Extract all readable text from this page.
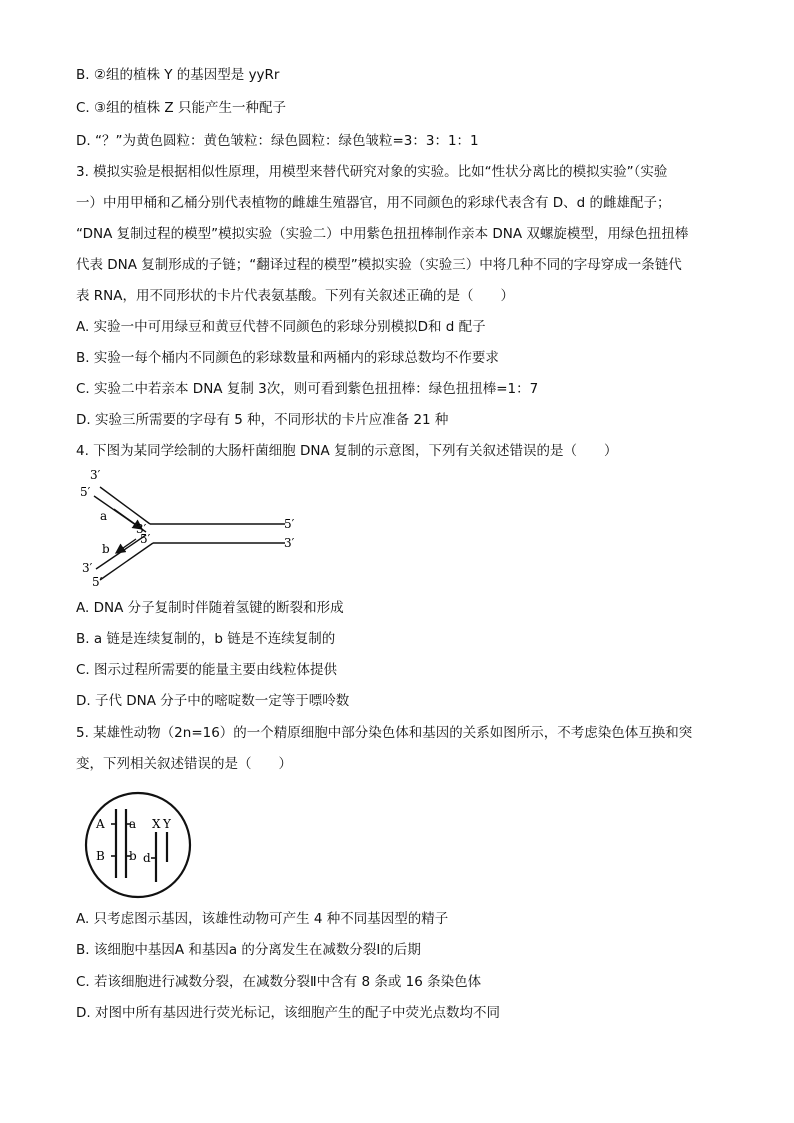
B. ②组的植株 Y 的基因型是 yyRr
C. ③组的植株 Z 只能产生一种配子
D. “？”为黄色圆粒：黄色皱粒：绿色圆粒：绿色皱粒=3：3：1：1
3. 模拟实验是根据相似性原理，用模型来替代研究对象的实验。比如“性状分离比的模拟实验”（实验
一）中用甲桶和乙桶分别代表植物的雌雄生殖器官，用不同颜色的彩球代表含有 D、d 的雌雄配子；
“DNA 复制过程的模型”模拟实验（实验二）中用紫色扭扭棒制作亲本 DNA 双螺旋模型，用绿色扭扭棒
代表 DNA 复制形成的子链；“翻译过程的模型”模拟实验（实验三）中将几种不同的字母穿成一条链代
表 RNA，用不同形状的卡片代表氨基酸。下列有关叙述正确的是（　　）
A. 实验一中可用绿豆和黄豆代替不同颜色的彩球分别模拟D和 d 配子
B. 实验一每个桶内不同颜色的彩球数量和两桶内的彩球总数均不作要求
C. 实验二中若亲本 DNA 复制 3次，则可看到紫色扭扭棒：绿色扭扭棒=1：7
D. 实验三所需要的字母有 5 种，不同形状的卡片应准备 21 种
4. 下图为某同学绘制的大肠杆菌细胞 DNA 复制的示意图，下列有关叙述错误的是（　　）
3′
5′
a
3′
5′
b
3′
5′
5′
3′
A. DNA 分子复制时伴随着氢键的断裂和形成
B. a 链是连续复制的，b 链是不连续复制的
C. 图示过程所需要的能量主要由线粒体提供
D. 子代 DNA 分子中的嘧啶数一定等于嘌呤数
5. 某雄性动物（2n=16）的一个精原细胞中部分染色体和基因的关系如图所示，不考虑染色体互换和突
变，下列相关叙述错误的是（　　）
A a
B b d
X Y
A. 只考虑图示基因，该雄性动物可产生 4 种不同基因型的精子
B. 该细胞中基因A 和基因a 的分离发生在减数分裂Ⅰ的后期
C. 若该细胞进行减数分裂，在减数分裂Ⅱ中含有 8 条或 16 条染色体
D. 对图中所有基因进行荧光标记，该细胞产生的配子中荧光点数均不同
